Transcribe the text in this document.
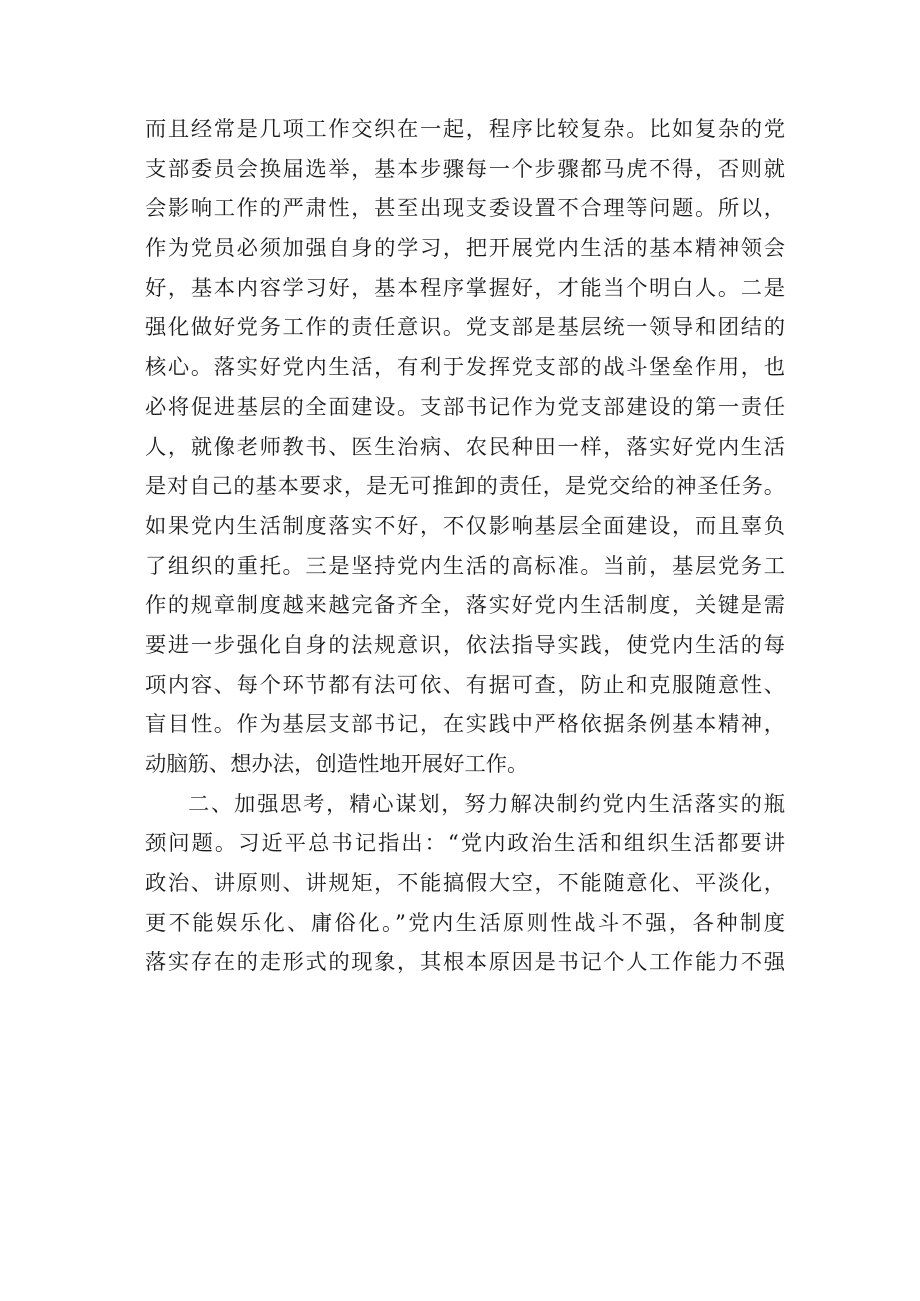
而且经常是几项工作交织在一起，程序比较复杂。比如复杂的党
支部委员会换届选举，基本步骤每一个步骤都马虎不得，否则就
会影响工作的严肃性，甚至出现支委设置不合理等问题。所以，
作为党员必须加强自身的学习，把开展党内生活的基本精神领会
好，基本内容学习好，基本程序掌握好，才能当个明白人。二是
强化做好党务工作的责任意识。党支部是基层统一领导和团结的
核心。落实好党内生活，有利于发挥党支部的战斗堡垒作用，也
必将促进基层的全面建设。支部书记作为党支部建设的第一责任
人，就像老师教书、医生治病、农民种田一样，落实好党内生活
是对自己的基本要求，是无可推卸的责任，是党交给的神圣任务。
如果党内生活制度落实不好，不仅影响基层全面建设，而且辜负
了组织的重托。三是坚持党内生活的高标准。当前，基层党务工
作的规章制度越来越完备齐全，落实好党内生活制度，关键是需
要进一步强化自身的法规意识，依法指导实践，使党内生活的每
项内容、每个环节都有法可依、有据可查，防止和克服随意性、
盲目性。作为基层支部书记，在实践中严格依据条例基本精神，
动脑筋、想办法，创造性地开展好工作。
二、加强思考，精心谋划，努力解决制约党内生活落实的瓶
颈问题。习近平总书记指出：“党内政治生活和组织生活都要讲
政治、讲原则、讲规矩，不能搞假大空，不能随意化、平淡化，
更不能娱乐化、庸俗化。”党内生活原则性战斗不强，各种制度
落实存在的走形式的现象，其根本原因是书记个人工作能力不强
